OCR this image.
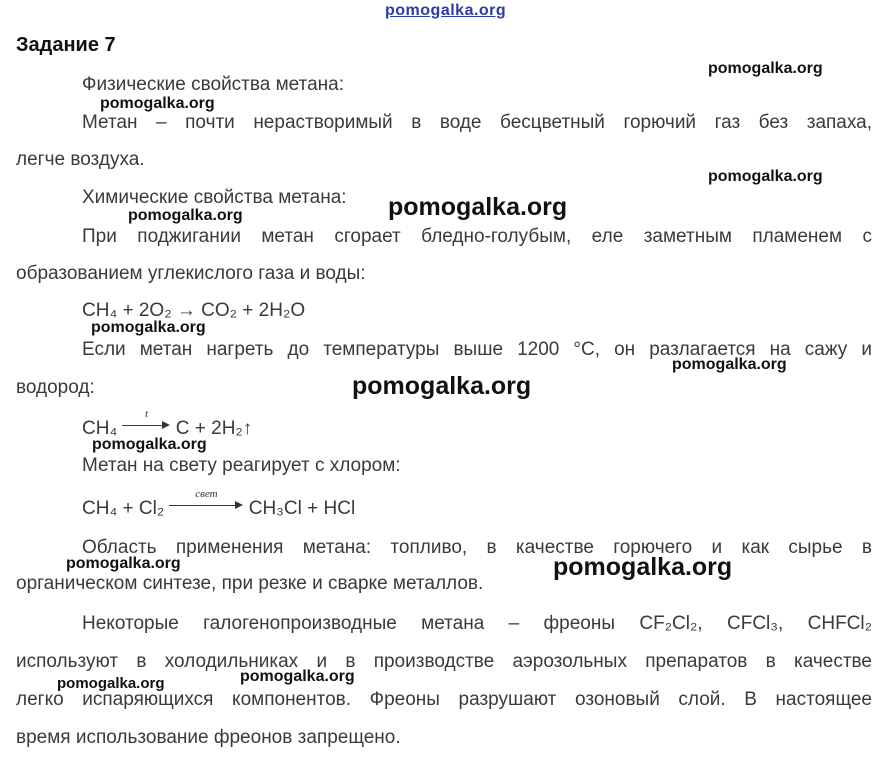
pomogalka.org
Задание 7
Физические свойства метана:
Метан – почти нерастворимый в воде бесцветный горючий газ без запаха,
легче воздуха.
Химические свойства метана:
При поджигании метан сгорает бледно-голубым, еле заметным пламенем с
образованием углекислого газа и воды:
CH₄ + 2O₂ → CO₂ + 2H₂O
Если метан нагреть до температуры выше 1200 °С, он разлагается на сажу и
водород:
CH₄
t
C + 2H₂↑
Метан на свету реагирует с хлором:
CH₄ + Cl₂
свет
CH₃Cl + HCl
Область применения метана: топливо, в качестве горючего и как сырье в
органическом синтезе, при резке и сварке металлов.
Некоторые галогенопроизводные метана – фреоны CF₂Cl₂, CFCl₃, CHFCl₂
используют в холодильниках и в производстве аэрозольных препаратов в качестве
легко испаряющихся компонентов. Фреоны разрушают озоновый слой. В настоящее
время использование фреонов запрещено.
pomogalka.org
pomogalka.org
pomogalka.org
pomogalka.org	pomogalka.org
pomogalka.org
pomogalka.org
pomogalka.org
pomogalka.org
pomogalka.org	pomogalka.org
pomogalka.org	pomogalka.org
